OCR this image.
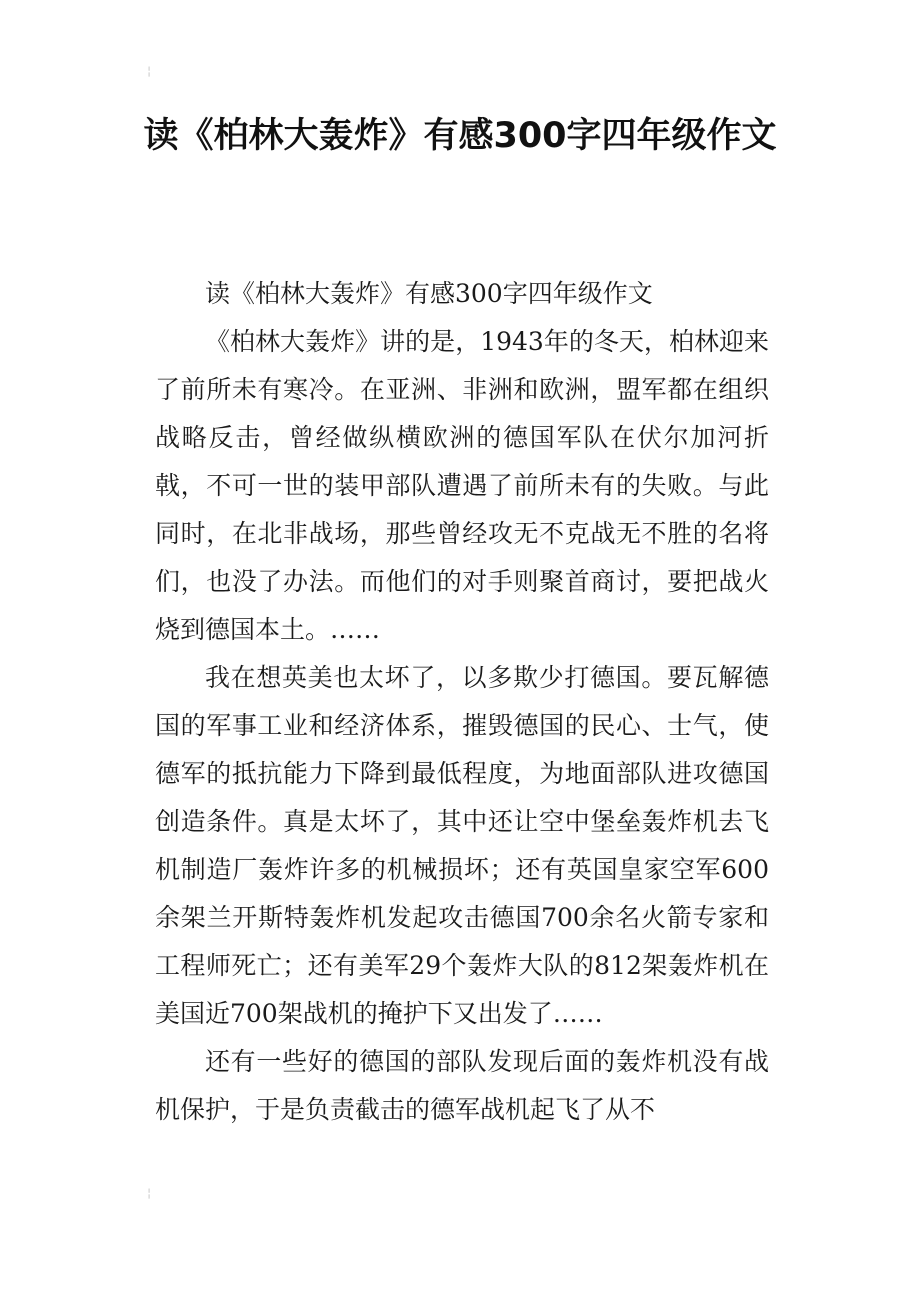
╎
读《柏林大轰炸》有感300字四年级作文

读《柏林大轰炸》有感300字四年级作文

《柏林大轰炸》讲的是，1943年的冬天，柏林迎来了前所未有寒冷。在亚洲、非洲和欧洲，盟军都在组织战略反击，曾经做纵横欧洲的德国军队在伏尔加河折戟，不可一世的装甲部队遭遇了前所未有的失败。与此同时，在北非战场，那些曾经攻无不克战无不胜的名将们，也没了办法。而他们的对手则聚首商讨，要把战火烧到德国本土。……

我在想英美也太坏了，以多欺少打德国。要瓦解德国的军事工业和经济体系，摧毁德国的民心、士气，使德军的抵抗能力下降到最低程度，为地面部队进攻德国创造条件。真是太坏了，其中还让空中堡垒轰炸机去飞机制造厂轰炸许多的机械损坏；还有英国皇家空军600余架兰开斯特轰炸机发起攻击德国700余名火箭专家和工程师死亡；还有美军29个轰炸大队的812架轰炸机在美国近700架战机的掩护下又出发了……

还有一些好的德国的部队发现后面的轰炸机没有战机保护，于是负责截击的德军战机起飞了从不

╎
